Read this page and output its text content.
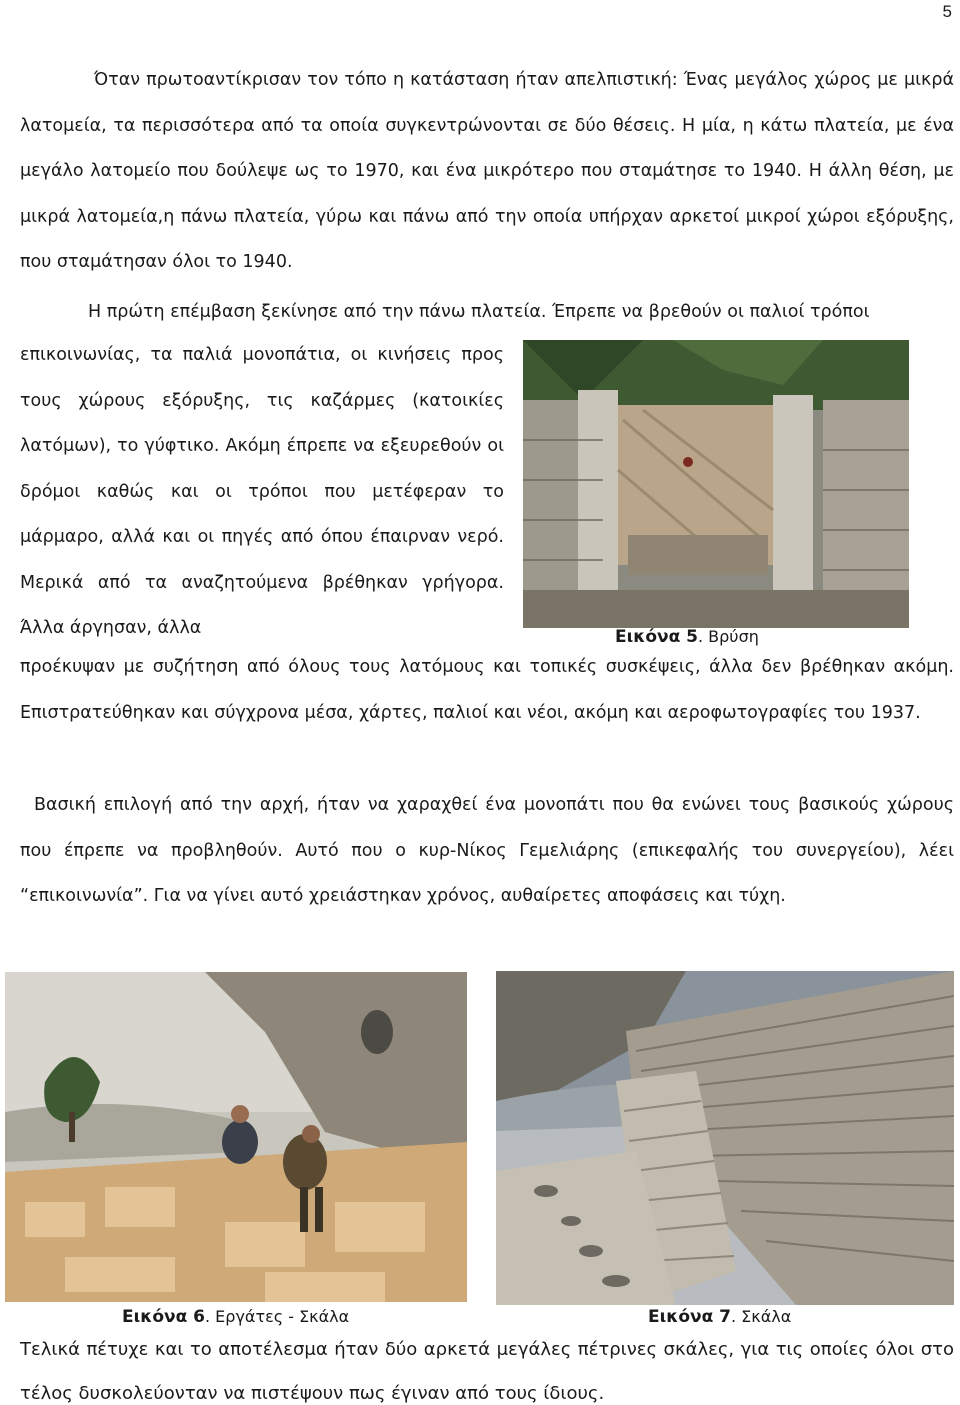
5

Όταν πρωτοαντίκρισαν τον τόπο η κατάσταση ήταν απελπιστική: Ένας μεγάλος χώρος με μικρά λατομεία, τα περισσότερα από τα οποία συγκεντρώνονται σε δύο θέσεις. Η μία, η κάτω πλατεία, με ένα μεγάλο λατομείο που δούλεψε ως το 1970, και ένα μικρότερο που σταμάτησε το 1940. Η άλλη θέση, με μικρά λατομεία,η πάνω πλατεία, γύρω και πάνω από την οποία υπήρχαν αρκετοί μικροί χώροι εξόρυξης, που σταμάτησαν όλοι το 1940.

Η πρώτη επέμβαση ξεκίνησε από την πάνω πλατεία. Έπρεπε να βρεθούν οι παλιοί τρόποι

επικοινωνίας, τα παλιά μονοπάτια, οι κινήσεις προς τους χώρους εξόρυξης, τις καζάρμες (κατοικίες λατόμων), το γύφτικο. Ακόμη έπρεπε να εξευρεθούν οι δρόμοι καθώς και οι τρόποι που μετέφεραν το μάρμαρο, αλλά και οι πηγές από όπου έπαιρναν νερό. Μερικά από τα αναζητούμενα βρέθηκαν γρήγορα. Άλλα άργησαν, άλλα

προέκυψαν με συζήτηση από όλους τους λατόμους και τοπικές συσκέψεις, άλλα δεν βρέθηκαν ακόμη. Επιστρατεύθηκαν και σύγχρονα μέσα, χάρτες, παλιοί και νέοι, ακόμη και αεροφωτογραφίες του 1937.

Εικόνα 5. Βρύση

Βασική επιλογή από την αρχή, ήταν να χαραχθεί ένα μονοπάτι που θα ενώνει τους βασικούς χώρους που έπρεπε να προβληθούν. Αυτό που ο κυρ-Νίκος Γεμελιάρης (επικεφαλής του συνεργείου), λέει “επικοινωνία”. Για να γίνει αυτό χρειάστηκαν χρόνος, αυθαίρετες αποφάσεις και τύχη.

Εικόνα 6. Εργάτες - Σκάλα	Εικόνα 7. Σκάλα

Τελικά πέτυχε και το αποτέλεσμα ήταν δύο αρκετά μεγάλες πέτρινες σκάλες, για τις οποίες όλοι στο τέλος δυσκολεύονταν να πιστέψουν πως έγιναν από τους ίδιους.
